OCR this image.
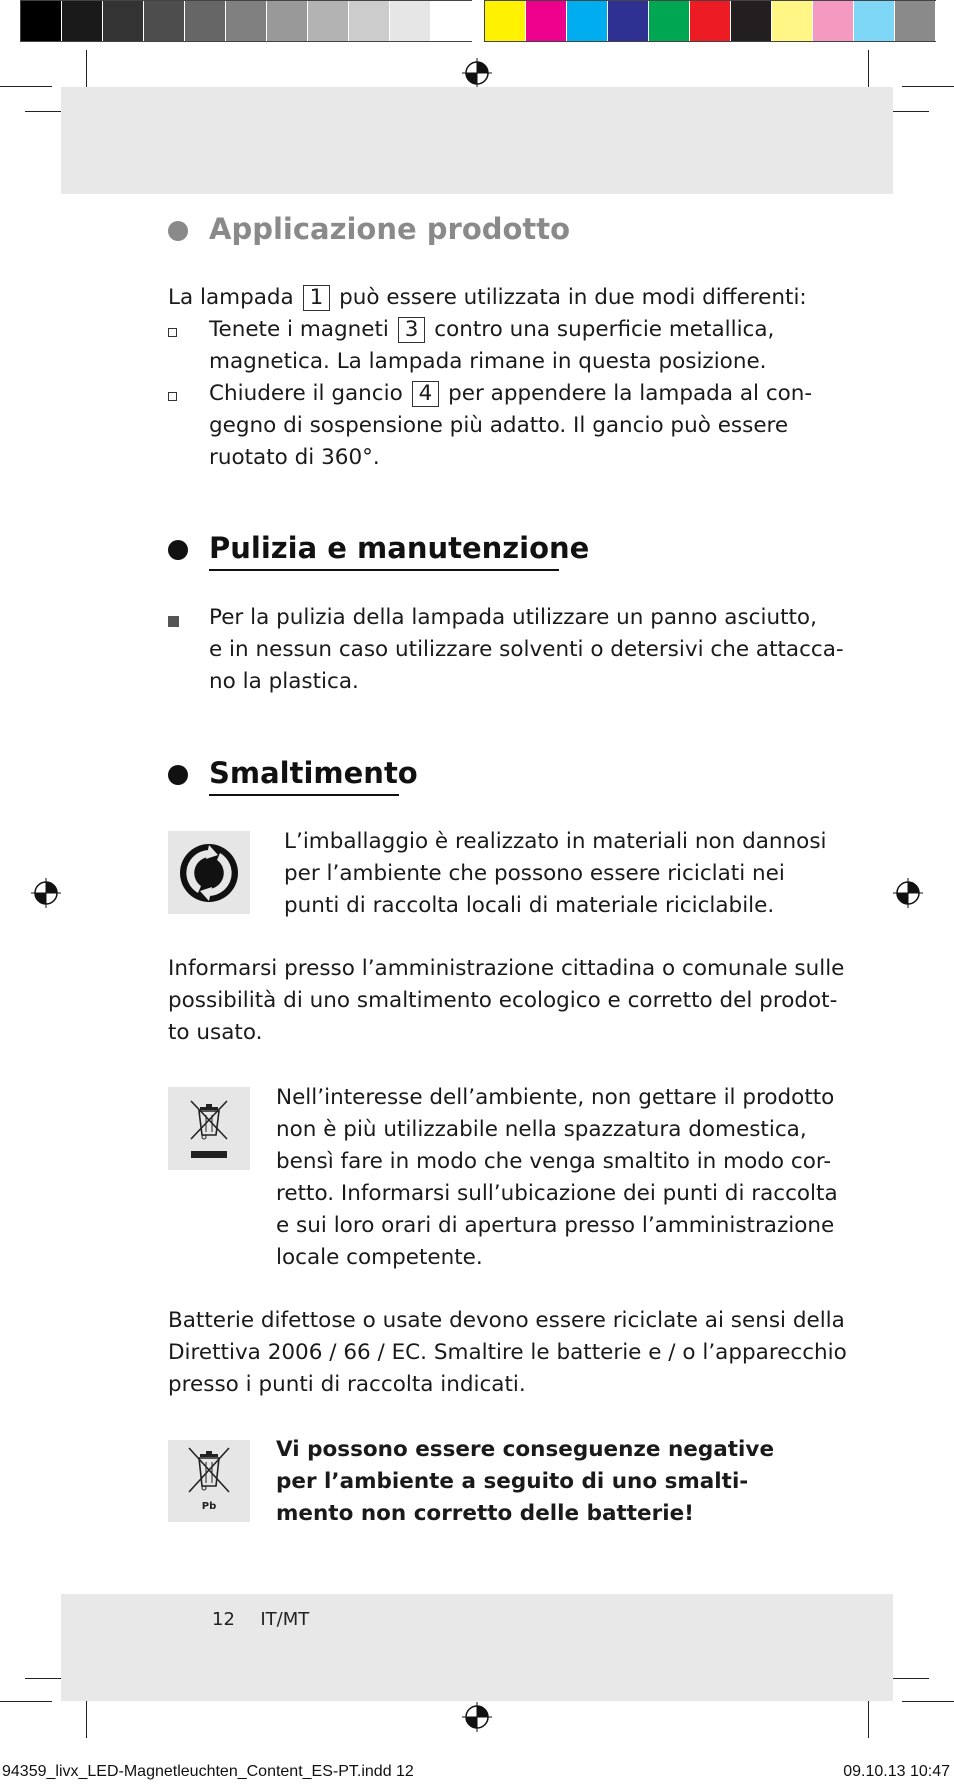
Applicazione prodotto
La lampada 1 può essere utilizzata in due modi differenti:
Tenete i magneti 3 contro una superficie metallica,
magnetica. La lampada rimane in questa posizione.
Chiudere il gancio 4 per appendere la lampada al con-
gegno di sospensione più adatto. Il gancio può essere
ruotato di 360°.
Pulizia e manutenzione
Per la pulizia della lampada utilizzare un panno asciutto,
e in nessun caso utilizzare solventi o detersivi che attacca-
no la plastica.
Smaltimento
L’imballaggio è realizzato in materiali non dannosi
per l’ambiente che possono essere riciclati nei
punti di raccolta locali di materiale riciclabile.
Informarsi presso l’amministrazione cittadina o comunale sulle
possibilità di uno smaltimento ecologico e corretto del prodot-
to usato.
Nell’interesse dell’ambiente, non gettare il prodotto
non è più utilizzabile nella spazzatura domestica,
bensì fare in modo che venga smaltito in modo cor-
retto. Informarsi sull’ubicazione dei punti di raccolta
e sui loro orari di apertura presso l’amministrazione
locale competente.
Batterie difettose o usate devono essere riciclate ai sensi della
Direttiva 2006 / 66 / EC. Smaltire le batterie e / o l’apparecchio
presso i punti di raccolta indicati.
Pb
Vi possono essere conseguenze negative
per l’ambiente a seguito di uno smalti-
mento non corretto delle batterie!
12 IT/MT
94359_livx_LED-Magnetleuchten_Content_ES-PT.indd 12	09.10.13 10:47
